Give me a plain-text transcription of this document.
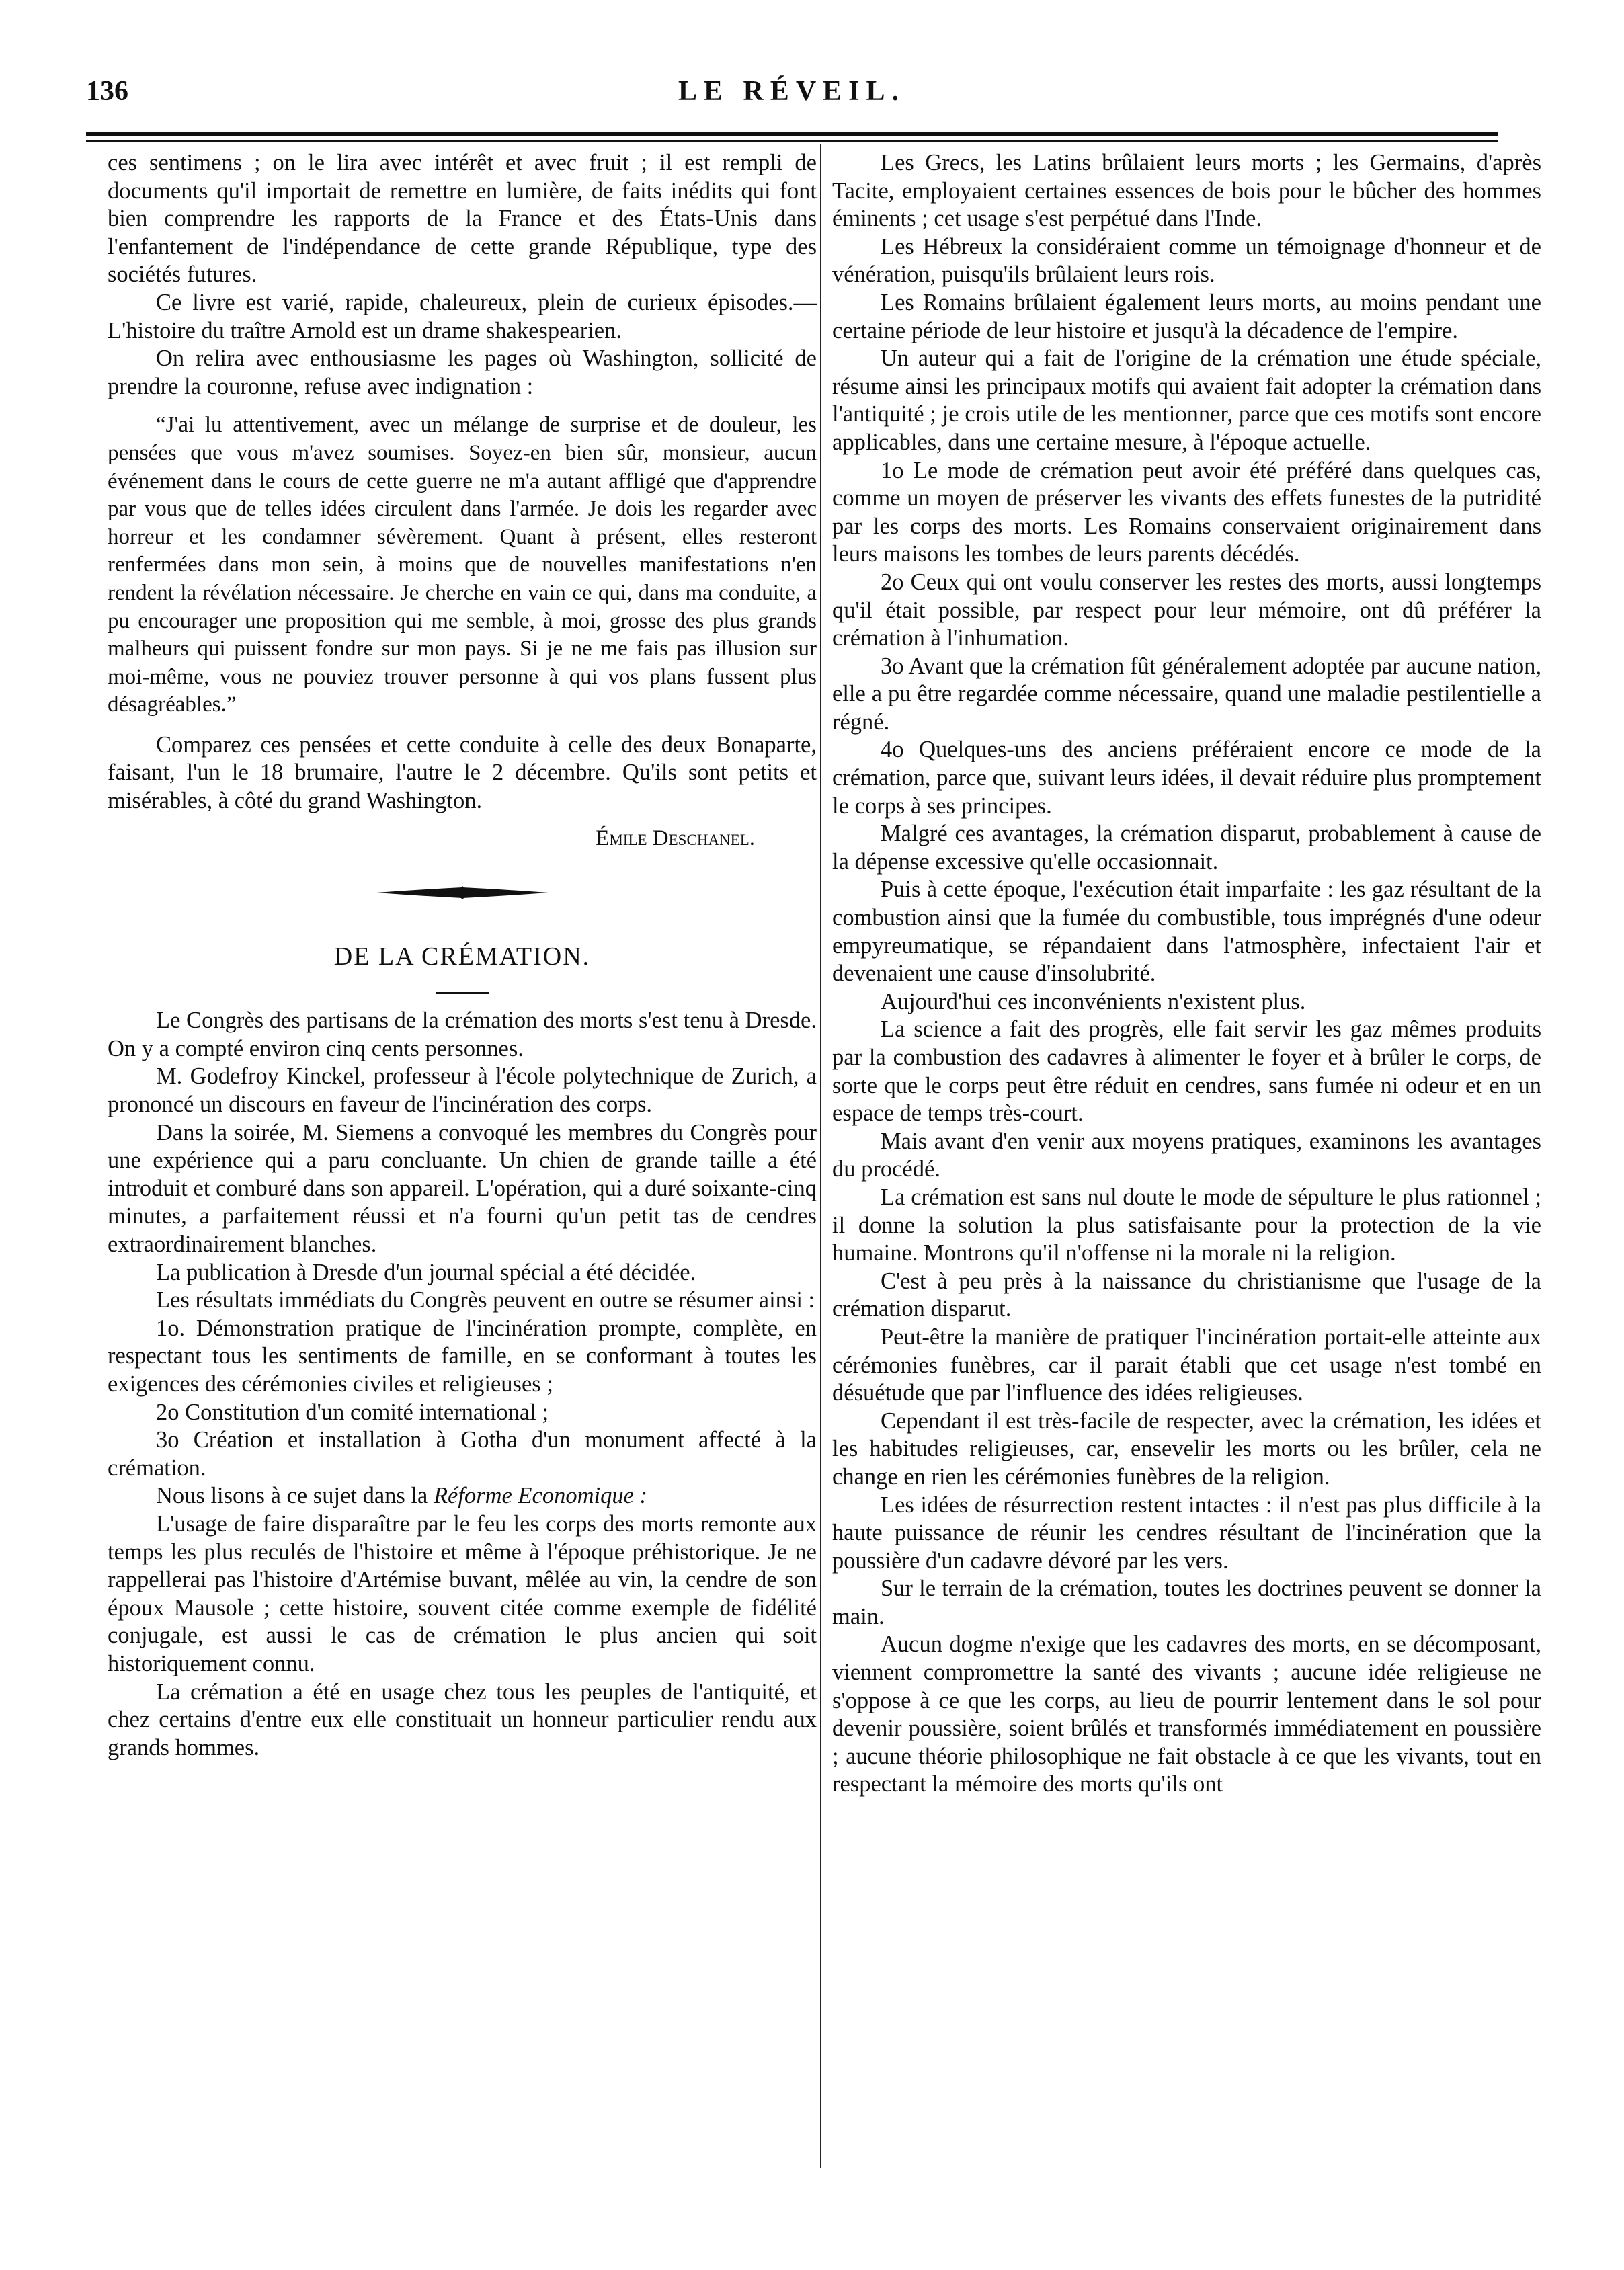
136	LE RÉVEIL.

ces sentimens ; on le lira avec intérêt et avec fruit ; il est rempli de documents qu'il importait de remettre en lumière, de faits inédits qui font bien comprendre les rapports de la France et des États-Unis dans l'enfantement de l'indépendance de cette grande République, type des sociétés futures.

Ce livre est varié, rapide, chaleureux, plein de curieux épisodes.—L'histoire du traître Arnold est un drame shakespearien.

On relira avec enthousiasme les pages où Washington, sollicité de prendre la couronne, refuse avec indignation :

“J'ai lu attentivement, avec un mélange de surprise et de douleur, les pensées que vous m'avez soumises. Soyez-en bien sûr, monsieur, aucun événement dans le cours de cette guerre ne m'a autant affligé que d'apprendre par vous que de telles idées circulent dans l'armée. Je dois les regarder avec horreur et les condamner sévèrement. Quant à présent, elles resteront renfermées dans mon sein, à moins que de nouvelles manifestations n'en rendent la révélation nécessaire. Je cherche en vain ce qui, dans ma conduite, a pu encourager une proposition qui me semble, à moi, grosse des plus grands malheurs qui puissent fondre sur mon pays. Si je ne me fais pas illusion sur moi-même, vous ne pouviez trouver personne à qui vos plans fussent plus désagréables.”

Comparez ces pensées et cette conduite à celle des deux Bonaparte, faisant, l'un le 18 brumaire, l'autre le 2 décembre. Qu'ils sont petits et misérables, à côté du grand Washington.

Émile Deschanel.
DE LA CRÉMATION.

Le Congrès des partisans de la crémation des morts s'est tenu à Dresde. On y a compté environ cinq cents personnes.

M. Godefroy Kinckel, professeur à l'école polytechnique de Zurich, a prononcé un discours en faveur de l'incinération des corps.

Dans la soirée, M. Siemens a convoqué les membres du Congrès pour une expérience qui a paru concluante. Un chien de grande taille a été introduit et comburé dans son appareil. L'opération, qui a duré soixante-cinq minutes, a parfaitement réussi et n'a fourni qu'un petit tas de cendres extraordinairement blanches.

La publication à Dresde d'un journal spécial a été décidée.

Les résultats immédiats du Congrès peuvent en outre se résumer ainsi :

1o. Démonstration pratique de l'incinération prompte, complète, en respectant tous les sentiments de famille, en se conformant à toutes les exigences des cérémonies civiles et religieuses ;

2o Constitution d'un comité international ;

3o Création et installation à Gotha d'un monument affecté à la crémation.

Nous lisons à ce sujet dans la Réforme Economique :

L'usage de faire disparaître par le feu les corps des morts remonte aux temps les plus reculés de l'histoire et même à l'époque préhistorique. Je ne rappellerai pas l'histoire d'Artémise buvant, mêlée au vin, la cendre de son époux Mausole ; cette histoire, souvent citée comme exemple de fidélité conjugale, est aussi le cas de crémation le plus ancien qui soit historiquement connu.

La crémation a été en usage chez tous les peuples de l'antiquité, et chez certains d'entre eux elle constituait un honneur particulier rendu aux grands hommes.

Les Grecs, les Latins brûlaient leurs morts ; les Germains, d'après Tacite, employaient certaines essences de bois pour le bûcher des hommes éminents ; cet usage s'est perpétué dans l'Inde.

Les Hébreux la considéraient comme un témoignage d'honneur et de vénération, puisqu'ils brûlaient leurs rois.

Les Romains brûlaient également leurs morts, au moins pendant une certaine période de leur histoire et jusqu'à la décadence de l'empire.

Un auteur qui a fait de l'origine de la crémation une étude spéciale, résume ainsi les principaux motifs qui avaient fait adopter la crémation dans l'antiquité ; je crois utile de les mentionner, parce que ces motifs sont encore applicables, dans une certaine mesure, à l'époque actuelle.

1o Le mode de crémation peut avoir été préféré dans quelques cas, comme un moyen de préserver les vivants des effets funestes de la putridité par les corps des morts. Les Romains conservaient originairement dans leurs maisons les tombes de leurs parents décédés.

2o Ceux qui ont voulu conserver les restes des morts, aussi longtemps qu'il était possible, par respect pour leur mémoire, ont dû préférer la crémation à l'inhumation.

3o Avant que la crémation fût généralement adoptée par aucune nation, elle a pu être regardée comme nécessaire, quand une maladie pestilentielle a régné.

4o Quelques-uns des anciens préféraient encore ce mode de la crémation, parce que, suivant leurs idées, il devait réduire plus promptement le corps à ses principes.

Malgré ces avantages, la crémation disparut, probablement à cause de la dépense excessive qu'elle occasionnait.

Puis à cette époque, l'exécution était imparfaite : les gaz résultant de la combustion ainsi que la fumée du combustible, tous imprégnés d'une odeur empyreumatique, se répandaient dans l'atmosphère, infectaient l'air et devenaient une cause d'insolubrité.

Aujourd'hui ces inconvénients n'existent plus.

La science a fait des progrès, elle fait servir les gaz mêmes produits par la combustion des cadavres à alimenter le foyer et à brûler le corps, de sorte que le corps peut être réduit en cendres, sans fumée ni odeur et en un espace de temps très-court.

Mais avant d'en venir aux moyens pratiques, examinons les avantages du procédé.

La crémation est sans nul doute le mode de sépulture le plus rationnel ; il donne la solution la plus satisfaisante pour la protection de la vie humaine. Montrons qu'il n'offense ni la morale ni la religion.

C'est à peu près à la naissance du christianisme que l'usage de la crémation disparut.

Peut-être la manière de pratiquer l'incinération portait-elle atteinte aux cérémonies funèbres, car il parait établi que cet usage n'est tombé en désuétude que par l'influence des idées religieuses.

Cependant il est très-facile de respecter, avec la crémation, les idées et les habitudes religieuses, car, ensevelir les morts ou les brûler, cela ne change en rien les cérémonies funèbres de la religion.

Les idées de résurrection restent intactes : il n'est pas plus difficile à la haute puissance de réunir les cendres résultant de l'incinération que la poussière d'un cadavre dévoré par les vers.

Sur le terrain de la crémation, toutes les doctrines peuvent se donner la main.

Aucun dogme n'exige que les cadavres des morts, en se décomposant, viennent compromettre la santé des vivants ; aucune idée religieuse ne s'oppose à ce que les corps, au lieu de pourrir lentement dans le sol pour devenir poussière, soient brûlés et transformés immédiatement en poussière ; aucune théorie philosophique ne fait obstacle à ce que les vivants, tout en respectant la mémoire des morts qu'ils ont
